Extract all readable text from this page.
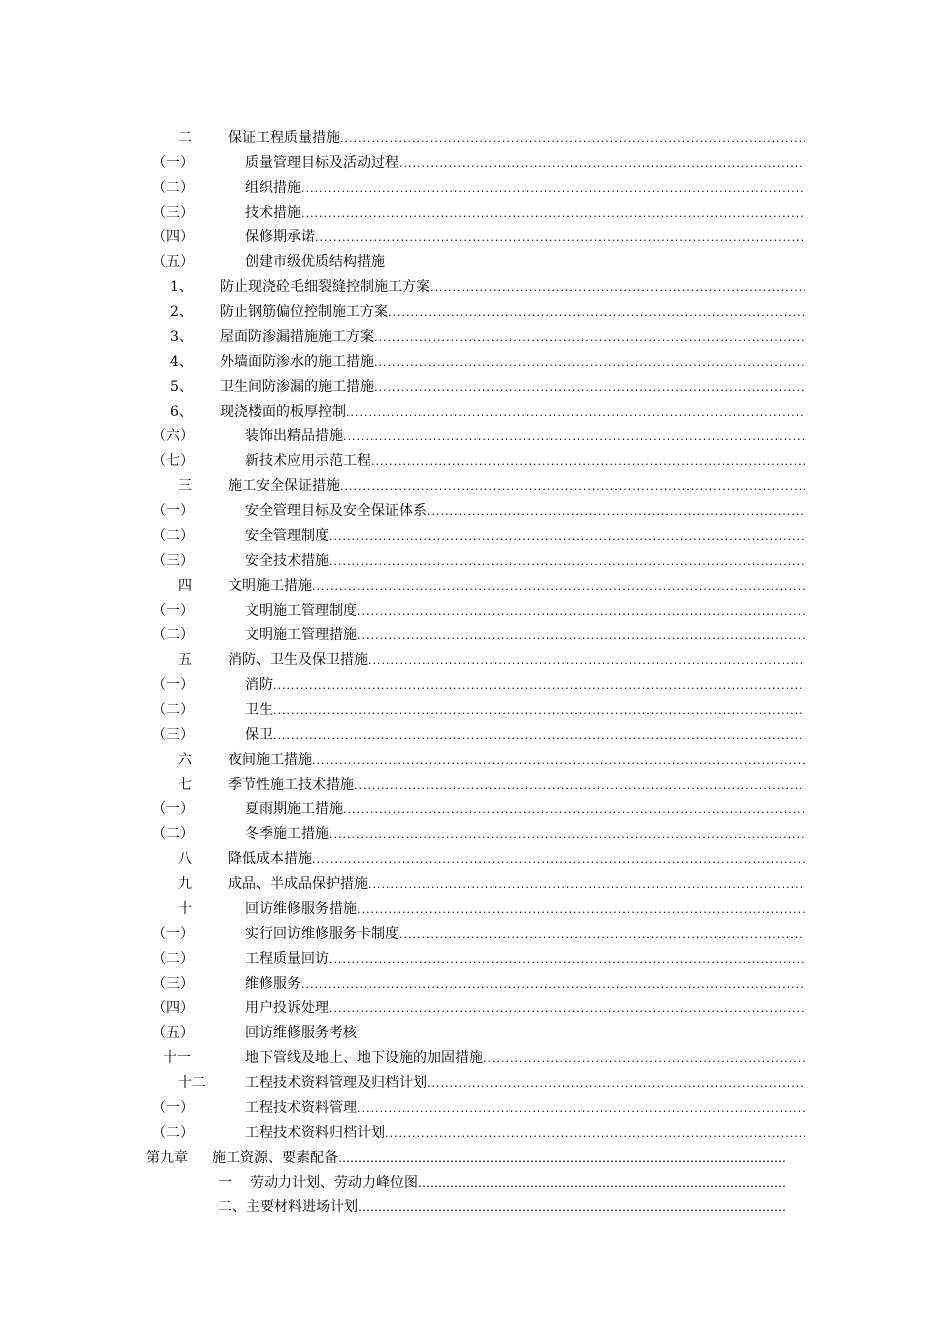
二	保证工程质量措施
.....
（一）	质量管理目标及活动过程
.....
（二）	组织措施
.....
（三）	技术措施
.....
（四）	保修期承诺
.....
（五）	创建市级优质结构措施
1、 防止现浇砼毛细裂缝控制施工方案
.....
2、 防止钢筋偏位控制施工方案
.....
3、 屋面防渗漏措施施工方案
.....
4、 外墙面防渗水的施工措施
.....
5、 卫生间防渗漏的施工措施
.....
6、 现浇楼面的板厚控制
.....
（六）	装饰出精品措施
.....
（七）	新技术应用示范工程
.....
三	施工安全保证措施
.....
（一）	安全管理目标及安全保证体系
.....
（二）	安全管理制度
.....
（三）	安全技术措施
.....
四	文明施工措施
.....
（一）	文明施工管理制度
.....
（二）	文明施工管理措施
.....
五	消防、卫生及保卫措施
.....
（一）	消防
.....
（二）	卫生
.....
（三）	保卫
.....
六	夜间施工措施
.....
七	季节性施工技术措施
.....
（一）	夏雨期施工措施
.....
（二）	冬季施工措施
.....
八	降低成本措施
.....
九	成品、半成品保护措施
.....
十	回访维修服务措施
.....
（一）	实行回访维修服务卡制度
.....
（二）	工程质量回访
.....
（三）	维修服务
.....
（四）	用户投诉处理
.....
（五）	回访维修服务考核
十一	地下管线及地上、地下设施的加固措施
.....
十二	工程技术资料管理及归档计划
.....
（一）	工程技术资料管理
.....
（二）	工程技术资料归档计划
.....
第九章 施工资源、要素配备
………………………………………………………………………………………………………………………………………………………………………………………………………………
一 劳动力计划、劳动力峰位图
………………………………………………………………………………………………………………………………………………………………………………………………………………
二、主要材料进场计划
………………………………………………………………………………………………………………………………………………………………………………………………………………
